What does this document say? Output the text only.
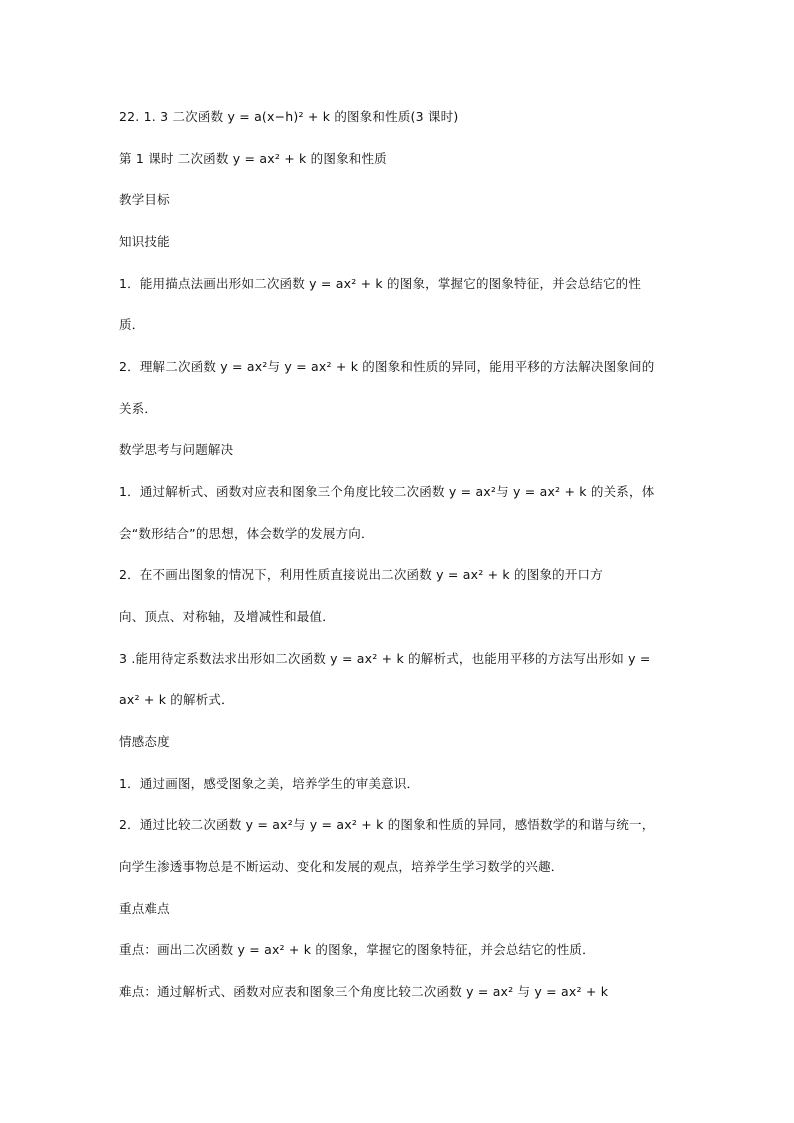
22. 1. 3 二次函数 y = a(x−h)² + k 的图象和性质(3 课时)
第 1 课时 二次函数 y = ax² + k 的图象和性质
教学目标
知识技能
1．能用描点法画出形如二次函数 y = ax² + k 的图象，掌握它的图象特征，并会总结它的性
质．
2．理解二次函数 y = ax²与 y = ax² + k 的图象和性质的异同，能用平移的方法解决图象间的
关系．
数学思考与问题解决
1．通过解析式、函数对应表和图象三个角度比较二次函数 y = ax²与 y = ax² + k 的关系，体
会“数形结合”的思想，体会数学的发展方向．
2．在不画出图象的情况下，利用性质直接说出二次函数 y = ax² + k 的图象的开口方
向、顶点、对称轴，及增减性和最值．
3 .能用待定系数法求出形如二次函数 y = ax² + k 的解析式，也能用平移的方法写出形如 y =
ax² + k 的解析式．
情感态度
1．通过画图，感受图象之美，培养学生的审美意识．
2．通过比较二次函数 y = ax²与 y = ax² + k 的图象和性质的异同，感悟数学的和谐与统一，
向学生渗透事物总是不断运动、变化和发展的观点，培养学生学习数学的兴趣．
重点难点
重点：画出二次函数 y = ax² + k 的图象，掌握它的图象特征，并会总结它的性质．
难点：通过解析式、函数对应表和图象三个角度比较二次函数 y = ax² 与 y = ax² + k
